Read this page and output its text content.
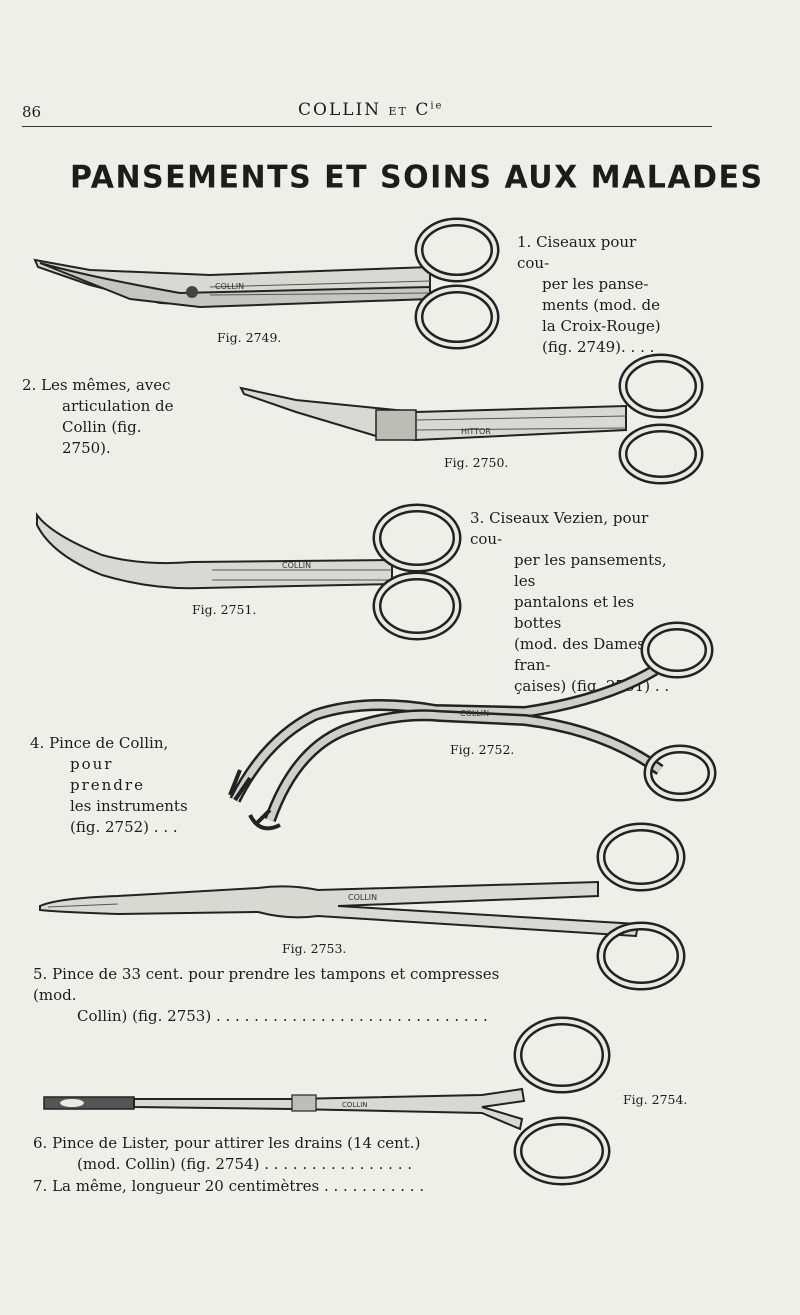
86	COLLIN ET $C^{ie}$
PANSEMENTS ET SOINS AUX MALADES
COLLIN
Fig. 2749.
1. Ciseaux pour cou-
per les panse-
ments (mod. de
la Croix-Rouge)
(fig. 2749). . . .
2. Les mêmes, avec
articulation de
Collin (fig. 2750).
HITTOR
Fig. 2750.
COLLIN
Fig. 2751.
3. Ciseaux Vezien, pour cou-
per les pansements, les
pantalons et les bottes
(mod. des Dames fran-
çaises) (fig. 2751) . . .
COLLIN
Fig. 2752.
4. Pince de Collin,
pour prendre
les instruments
(fig. 2752) . . .
COLLIN
Fig. 2753.
5. Pince de 33 cent. pour prendre les tampons et compresses (mod.
Collin) (fig. 2753) . . . . . . . . . . . . . . . . . . . . . . . . . . . . .
COLLIN	Fig. 2754.
6. Pince de Lister, pour attirer les drains (14 cent.)
(mod. Collin) (fig. 2754) . . . . . . . . . . . . . . . .
7. La même, longueur 20 centimètres . . . . . . . . . . .
